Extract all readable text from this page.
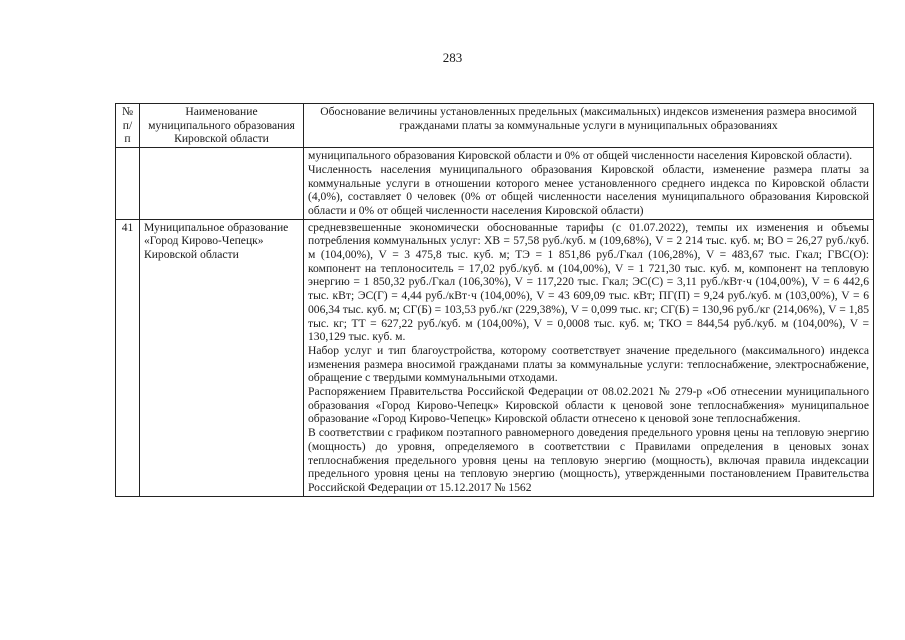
283
№ п/п	Наименование муниципального образования Кировской области	Обоснование величины установленных предельных (максимальных) индексов изменения размера вносимой гражданами платы за коммунальные услуги в муниципальных образованиях

		муниципального образования Кировской области и 0% от общей численности населения Кировской области).

Численность населения муниципального образования Кировской области, изменение размера платы за коммунальные услуги в отношении которого менее установленного среднего индекса по Кировской области (4,0%), составляет 0 человек (0% от общей численности населения муниципального образования Кировской области и 0% от общей численности населения Кировской области)

41	Муниципальное образование «Город Кирово-Чепецк» Кировской области	средневзвешенные экономически обоснованные тарифы (с 01.07.2022), темпы их изменения и объемы потребления коммунальных услуг: ХВ = 57,58 руб./куб. м (109,68%), V = 2 214 тыс. куб. м; ВО = 26,27 руб./куб. м (104,00%), V = 3 475,8 тыс. куб. м; ТЭ = 1 851,86 руб./Гкал (106,28%), V = 483,67 тыс. Гкал; ГВС(О): компонент на теплоноситель = 17,02 руб./куб. м (104,00%), V = 1 721,30 тыс. куб. м, компонент на тепловую энергию = 1 850,32 руб./Гкал (106,30%), V = 117,220 тыс. Гкал; ЭС(С) = 3,11 руб./кВт·ч (104,00%), V = 6 442,6 тыс. кВт; ЭС(Г) = 4,44 руб./кВт·ч (104,00%), V = 43 609,09 тыс. кВт; ПГ(П) = 9,24 руб./куб. м (103,00%), V = 6 006,34 тыс. куб. м; СГ(Б) = 103,53 руб./кг (229,38%), V = 0,099 тыс. кг; СГ(Б) = 130,96 руб./кг (214,06%), V = 1,85 тыс. кг; ТТ = 627,22 руб./куб. м (104,00%), V = 0,0008 тыс. куб. м; ТКО = 844,54 руб./куб. м (104,00%), V = 130,129 тыс. куб. м.

Набор услуг и тип благоустройства, которому соответствует значение предельного (максимального) индекса изменения размера вносимой гражданами платы за коммунальные услуги: теплоснабжение, электроснабжение, обращение с твердыми коммунальными отходами.

Распоряжением Правительства Российской Федерации от 08.02.2021 № 279-р «Об отнесении муниципального образования «Город Кирово-Чепецк» Кировской области к ценовой зоне теплоснабжения» муниципальное образование «Город Кирово-Чепецк» Кировской области отнесено к ценовой зоне теплоснабжения.

В соответствии с графиком поэтапного равномерного доведения предельного уровня цены на тепловую энергию (мощность) до уровня, определяемого в соответствии с Правилами определения в ценовых зонах теплоснабжения предельного уровня цены на тепловую энергию (мощность), включая правила индексации предельного уровня цены на тепловую энергию (мощность), утвержденными постановлением Правительства Российской Федерации от 15.12.2017 № 1562
